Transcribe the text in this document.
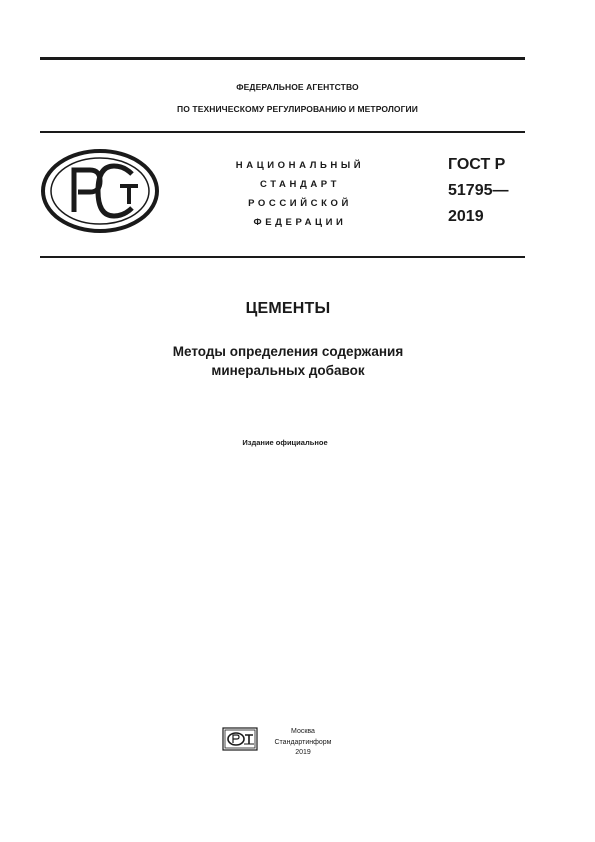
ФЕДЕРАЛЬНОЕ АГЕНТСТВО
ПО ТЕХНИЧЕСКОМУ РЕГУЛИРОВАНИЮ И МЕТРОЛОГИИ
НАЦИОНАЛЬНЫЙ
СТАНДАРТ
РОССИЙСКОЙ
ФЕДЕРАЦИИ
ГОСТ Р
51795—
2019
ЦЕМЕНТЫ
Методы определения содержания
минеральных добавок
Издание официальное
Москва
Стандартинформ
2019
